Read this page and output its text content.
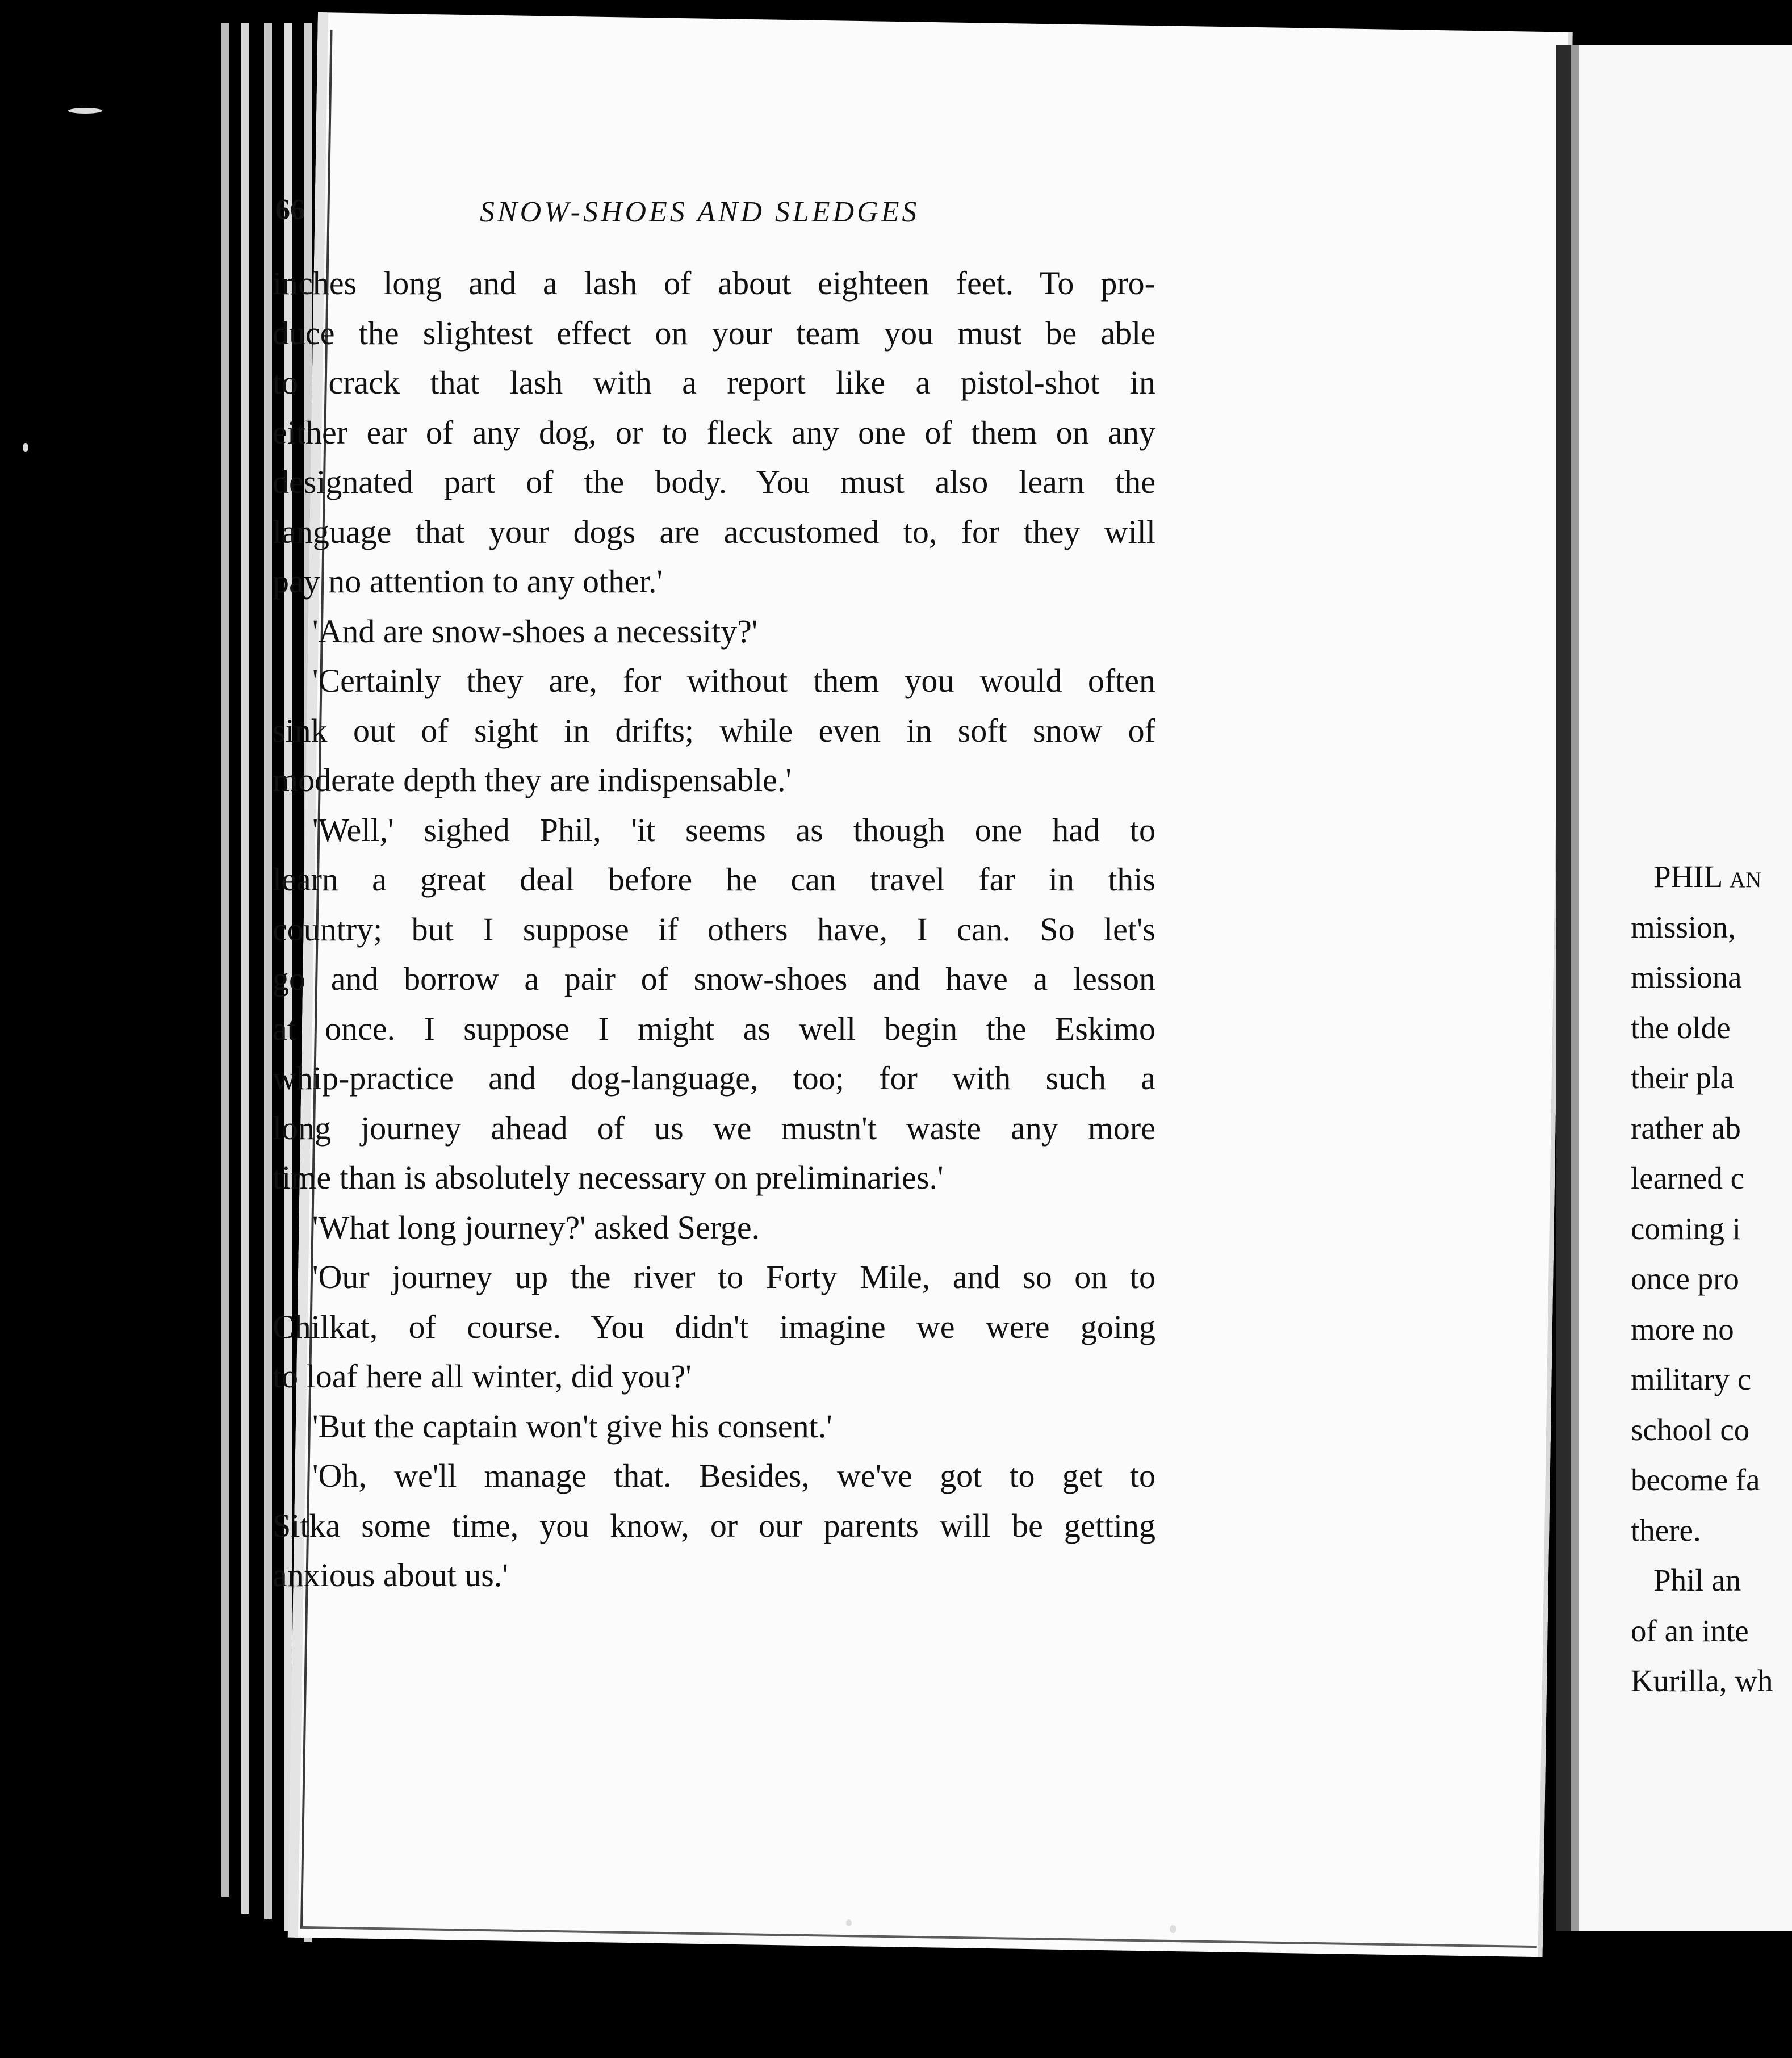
66	SNOW-SHOES AND SLEDGES
inches long and a lash of about eighteen feet. To pro-
duce the slightest effect on your team you must be able
to crack that lash with a report like a pistol-shot in
either ear of any dog, or to fleck any one of them on any
designated part of the body. You must also learn the
language that your dogs are accustomed to, for they will
pay no attention to any other.'
'And are snow-shoes a necessity?'
'Certainly they are, for without them you would often
sink out of sight in drifts; while even in soft snow of
moderate depth they are indispensable.'
'Well,' sighed Phil, 'it seems as though one had to
learn a great deal before he can travel far in this
country; but I suppose if others have, I can. So let's
go and borrow a pair of snow-shoes and have a lesson
at once. I suppose I might as well begin the Eskimo
whip-practice and dog-language, too; for with such a
long journey ahead of us we mustn't waste any more
time than is absolutely necessary on preliminaries.'
'What long journey?' asked Serge.
'Our journey up the river to Forty Mile, and so on to
Chilkat, of course. You didn't imagine we were going
to loaf here all winter, did you?'
'But the captain won't give his consent.'
'Oh, we'll manage that. Besides, we've got to get to
Sitka some time, you know, or our parents will be getting
anxious about us.'
PHIL an
mission,
missiona
the olde
their pla
rather ab
learned c
coming i
once pro
more no
military c
school co
become fa
there.
Phil an
of an inte
Kurilla, wh
